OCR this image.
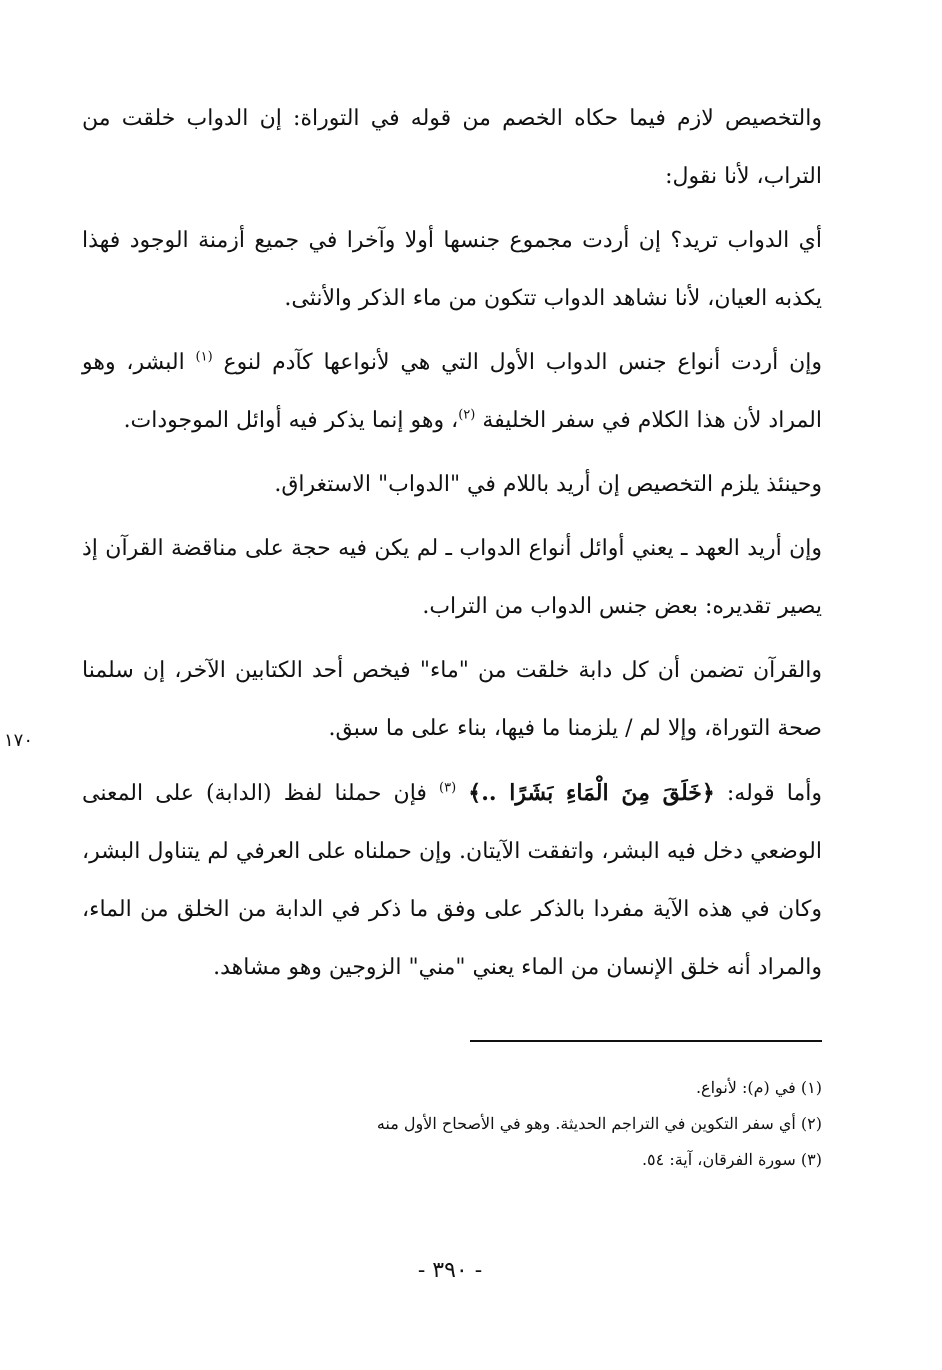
والتخصيص لازم فيما حكاه الخصم من قوله في التوراة: إن الدواب خلقت من التراب، لأنا نقول:

أي الدواب تريد؟ إن أردت مجموع جنسها أولا وآخرا في جميع أزمنة الوجود فهذا يكذبه العيان، لأنا نشاهد الدواب تتكون من ماء الذكر والأنثى.

وإن أردت أنواع جنس الدواب الأول التي هي لأنواعها كآدم لنوع $^{(١)}$ البشر، وهو المراد لأن هذا الكلام في سفر الخليفة $^{(٢)}$، وهو إنما يذكر فيه أوائل الموجودات.

وحينئذ يلزم التخصيص إن أريد باللام في "الدواب" الاستغراق.

وإن أريد العهد ـ يعني أوائل أنواع الدواب ـ لم يكن فيه حجة على مناقضة القرآن إذ يصير تقديره: بعض جنس الدواب من التراب.

والقرآن تضمن أن كل دابة خلقت من "ماء" فيخص أحد الكتابين الآخر، إن سلمنا صحة التوراة، وإلا لم / يلزمنا ما فيها، بناء على ما سبق.

وأما قوله: ﴿خَلَقَ مِنَ الْمَاءِ بَشَرًا ..﴾ $^{(٣)}$ فإن حملنا لفظ (الدابة) على المعنى الوضعي دخل فيه البشر، واتفقت الآيتان. وإن حملناه على العرفي لم يتناول البشر، وكان في هذه الآية مفردا بالذكر على وفق ما ذكر في الدابة من الخلق من الماء، والمراد أنه خلق الإنسان من الماء يعني "مني" الزوجين وهو مشاهد.

١٧٠

(١) في (م): لأنواع.

(٢) أي سفر التكوين في التراجم الحديثة. وهو في الأصحاح الأول منه

(٣) سورة الفرقان، آية: ٥٤.

- ٣٩٠ -
